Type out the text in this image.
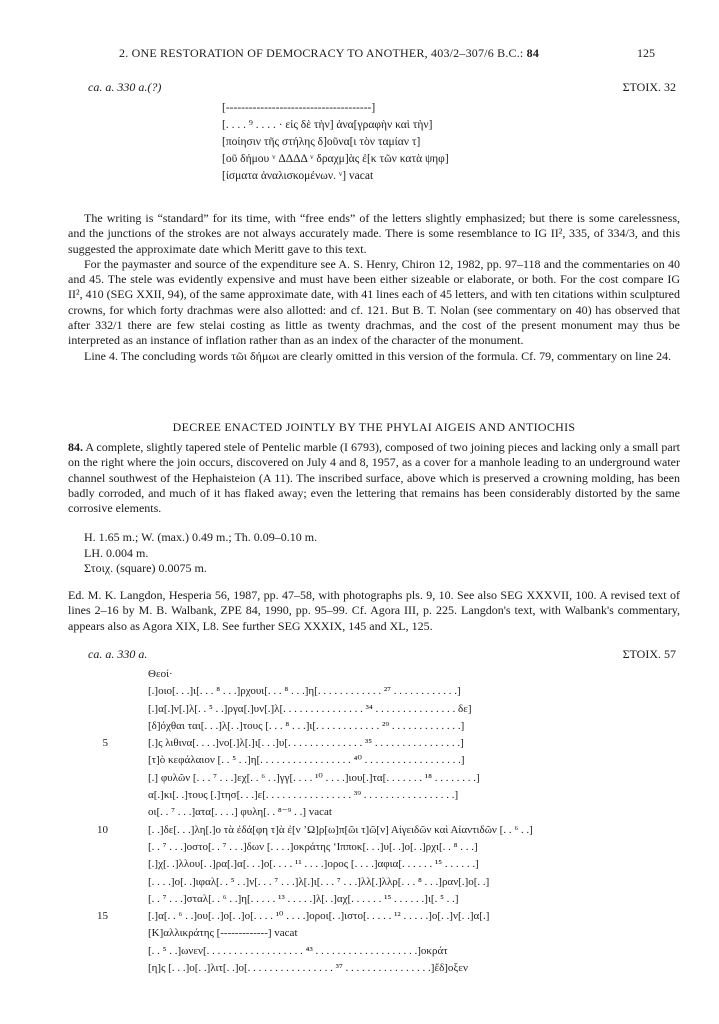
2. ONE RESTORATION OF DEMOCRACY TO ANOTHER, 403/2–307/6 B.C.: 84	125
ca. a. 330 a.(?)	ΣΤΟΙΧ. 32
[--------------------------------------]
[. . . . ⁹ . . . . · εἰς δὲ τὴν] ἀνα[γραφὴν καὶ τὴν]
[ποίησιν τῆς στήλης δ]οῦνα[ι τὸν ταμίαν τ]
[οῦ δήμου ᵛ ΔΔΔΔ ᵛ δραχμ]ὰς ἐ[κ τῶν κατὰ ψηφ]
[ίσματα ἀναλισκομένων. ᵛ] vacat

The writing is “standard” for its time, with “free ends” of the letters slightly emphasized; but there is some carelessness, and the junctions of the strokes are not always accurately made. There is some resemblance to IG II², 335, of 334/3, and this suggested the approximate date which Meritt gave to this text.

For the paymaster and source of the expenditure see A. S. Henry, Chiron 12, 1982, pp. 97–118 and the commentaries on 40 and 45. The stele was evidently expensive and must have been either sizeable or elaborate, or both. For the cost compare IG II², 410 (SEG XXII, 94), of the same approximate date, with 41 lines each of 45 letters, and with ten citations within sculptured crowns, for which forty drachmas were also allotted: and cf. 121. But B. T. Nolan (see commentary on 40) has observed that after 332/1 there are few stelai costing as little as twenty drachmas, and the cost of the present monument may thus be interpreted as an instance of inflation rather than as an index of the character of the monument.

Line 4. The concluding words τῶι δήμωι are clearly omitted in this version of the formula. Cf. 79, commentary on line 24.

DECREE ENACTED JOINTLY BY THE PHYLAI AIGEIS AND ANTIOCHIS

84. A complete, slightly tapered stele of Pentelic marble (I 6793), composed of two joining pieces and lacking only a small part on the right where the join occurs, discovered on July 4 and 8, 1957, as a cover for a manhole leading to an underground water channel southwest of the Hephaisteion (A 11). The inscribed surface, above which is preserved a crowning molding, has been badly corroded, and much of it has flaked away; even the lettering that remains has been considerably distorted by the same corrosive elements.

H. 1.65 m.; W. (max.) 0.49 m.; Th. 0.09–0.10 m.
LH. 0.004 m.
Στοιχ. (square) 0.0075 m.

Ed. M. K. Langdon, Hesperia 56, 1987, pp. 47–58, with photographs pls. 9, 10. See also SEG XXXVII, 100. A revised text of lines 2–16 by M. B. Walbank, ZPE 84, 1990, pp. 95–99. Cf. Agora III, p. 225. Langdon's text, with Walbank's commentary, appears also as Agora XIX, L8. See further SEG XXXIX, 145 and XL, 125.

ca. a. 330 a.	ΣΤΟΙΧ. 57
Θεοί·
[.]οιο[. . .]ι[. . . ⁸ . . .]ρχουι[. . . ⁸ . . .]η[. . . . . . . . . . . . ²⁷ . . . . . . . . . . . .]
[.]α[.]ν[.]λ[. . ⁵ . .]ργα[.]υν[.]λ[. . . . . . . . . . . . . . . ³⁴ . . . . . . . . . . . . . . . δε]
[δ]όχθαι ται[. . .]λ[. .]τους [. . . ⁸ . . .]ι[. . . . . . . . . . . . ²⁹ . . . . . . . . . . . . .]
5	[.]ς λιθινα[. . . .]νο[.]λ[.]ι[. . .]υ[. . . . . . . . . . . . . . ³⁵ . . . . . . . . . . . . . . . .]
[τ]ὸ κεφάλαιον [. . ⁵ . .]η[. . . . . . . . . . . . . . . . . ⁴⁰ . . . . . . . . . . . . . . . . . .]
[.] φυλῶν [. . . ⁷ . . .]εχ[. . ⁶ . .]γγ[. . . . ¹⁰ . . . .]ιου[.]τα[. . . . . . . ¹⁸ . . . . . . . .]
α[.]κι[. .]τους [.]τησ[. . .]ε[. . . . . . . . . . . . . . . . ³⁹ . . . . . . . . . . . . . . . . .]
οι[. . ⁷ . . .]ατα[. . . .] φυλη[. . ⁸⁻⁹ . .] vacat
10	[. .]δε[. . .]λη[.]ο τὰ ἐδά[φη τ]ὰ ἐ[ν ’Ω]ρ[ω]π[ῶι τ]ῶ[ν] Αἰγειδῶν καὶ Αἰαντιδῶν [. . ⁶ . .]
[. . ⁷ . . .]οστο[. . ⁷ . . .]δων [. . . .]οκράτης ‘Ιπποκ[. . .]υ[. .]ο[. .]ρχι[. . ⁸ . . .]
[.]χ[. .]λλου[. .]ρα[.]α[. . .]ο[. . . . ¹¹ . . . .]ορος [. . . .]αφια[. . . . . . ¹⁵ . . . . . .]
[. . . .]ο[. .]ιφαλ[. . ⁵ . .]ν[. . . ⁷ . . .]λ[.]ι[. . . ⁷ . . .]λλ[.]λλρ[. . . ⁸ . . .]ραν[.]ο[. .]
[. . ⁷ . . .]σταλ[. . ⁶ . .]η[. . . . . ¹³ . . . . .]λ[. .]αχ[. . . . . . ¹⁵ . . . . . .]ι[. ⁵ . .]
15	[.]α[. . ⁶ . .]ου[. .]ο[. .]ο[. . . . ¹⁰ . . . .]οροι[. .]ιστο[. . . . . ¹² . . . . .]ο[. .]ν[. .]α[.]
[Κ]αλλικράτης [-------------] vacat
[. . ⁵ . .]ωνεν[. . . . . . . . . . . . . . . . . . ⁴³ . . . . . . . . . . . . . . . . . . .]οκράτ
[η]ς [. . .]ο[. .]λιτ[. .]ο[. . . . . . . . . . . . . . . . ³⁷ . . . . . . . . . . . . . . . .]ἔδ]οξεν
